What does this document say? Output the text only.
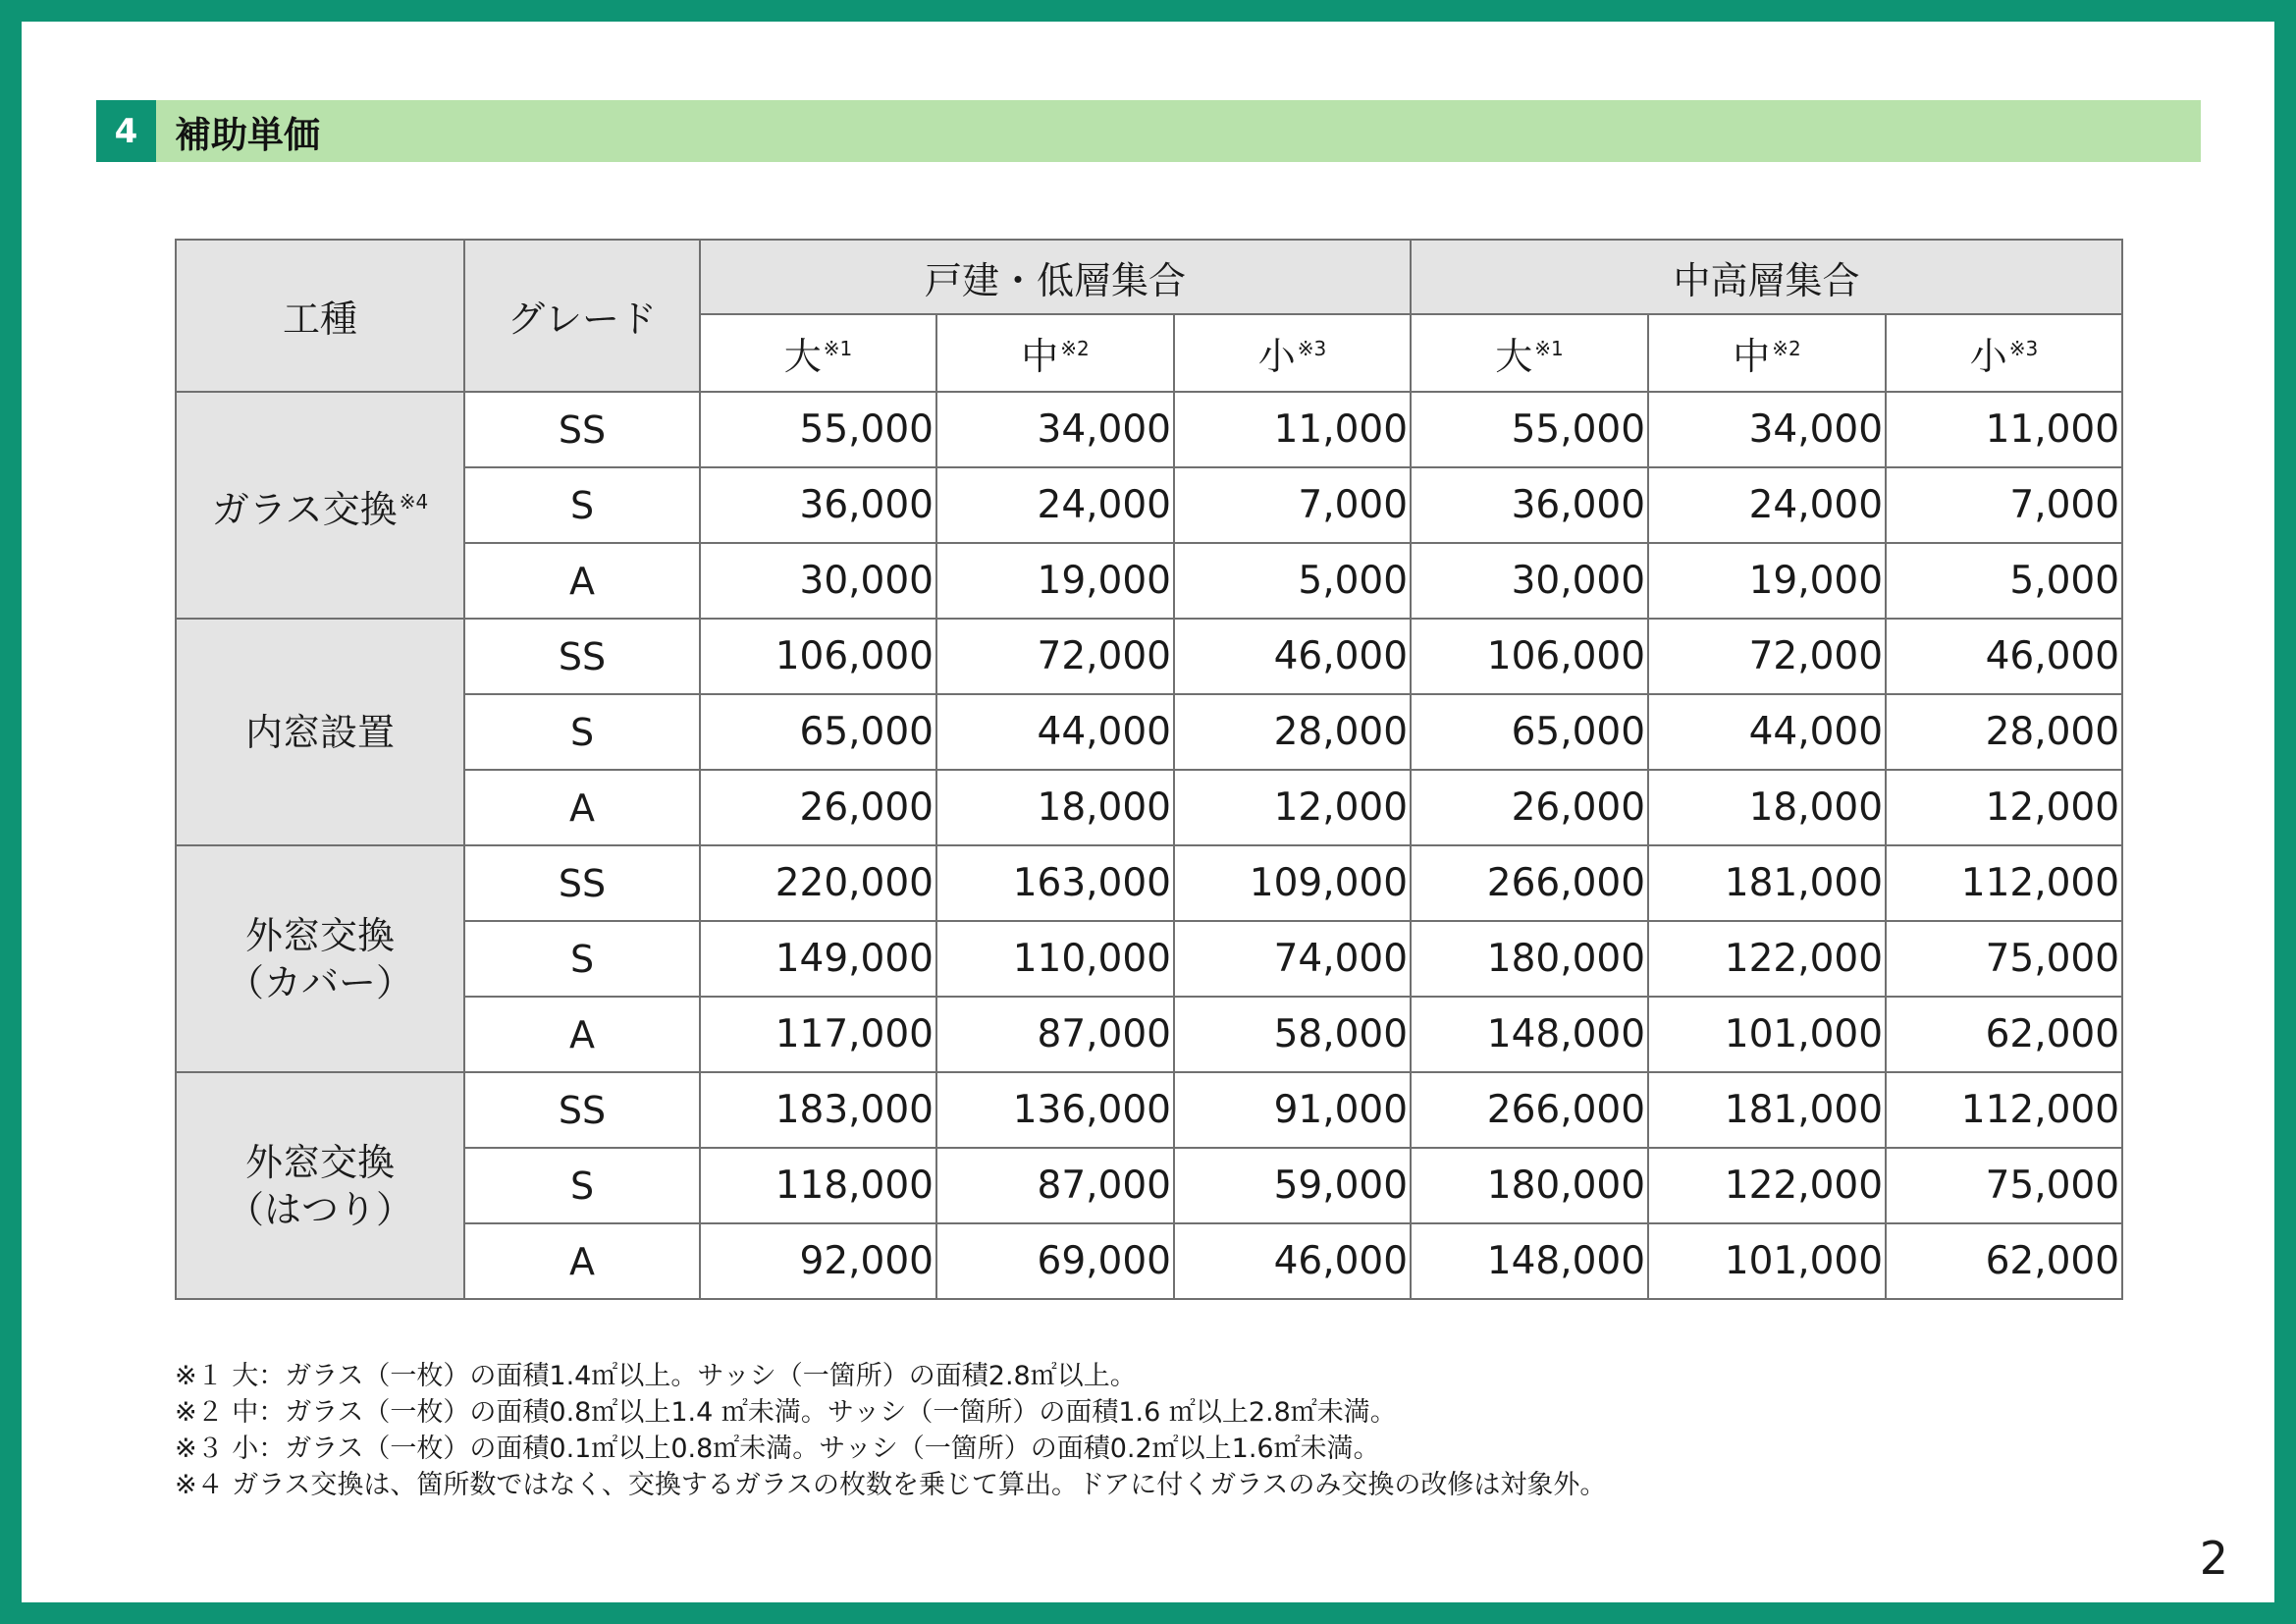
4	補助単価
工種	グレード	戸建・低層集合			中高層集合		
		大 $^{※1}$	中 $^{※2}$	小 $^{※3}$	大 $^{※1}$	中 $^{※2}$	小 $^{※3}$

ガラス交換 $^{※4}$	SS	55,000	34,000	11,000	55,000	34,000	11,000
	S	36,000	24,000	7,000	36,000	24,000	7,000
	A	30,000	19,000	5,000	30,000	19,000	5,000

内窓設置	SS	106,000	72,000	46,000	106,000	72,000	46,000
	S	65,000	44,000	28,000	65,000	44,000	28,000
	A	26,000	18,000	12,000	26,000	18,000	12,000

外窓交換
（カバー）	SS	220,000	163,000	109,000	266,000	181,000	112,000
	S	149,000	110,000	74,000	180,000	122,000	75,000
	A	117,000	87,000	58,000	148,000	101,000	62,000

外窓交換
（はつり）	SS	183,000	136,000	91,000	266,000	181,000	112,000
	S	118,000	87,000	59,000	180,000	122,000	75,000
	A	92,000	69,000	46,000	148,000	101,000	62,000
※１ 大：ガラス（一枚）の面積1.4㎡以上。サッシ（一箇所）の面積2.8㎡以上。
※２ 中：ガラス（一枚）の面積0.8㎡以上1.4 ㎡未満。サッシ（一箇所）の面積1.6 ㎡以上2.8㎡未満。
※３ 小：ガラス（一枚）の面積0.1㎡以上0.8㎡未満。サッシ（一箇所）の面積0.2㎡以上1.6㎡未満。
※４ ガラス交換は、箇所数ではなく、交換するガラスの枚数を乗じて算出。ドアに付くガラスのみ交換の改修は対象外。
2
